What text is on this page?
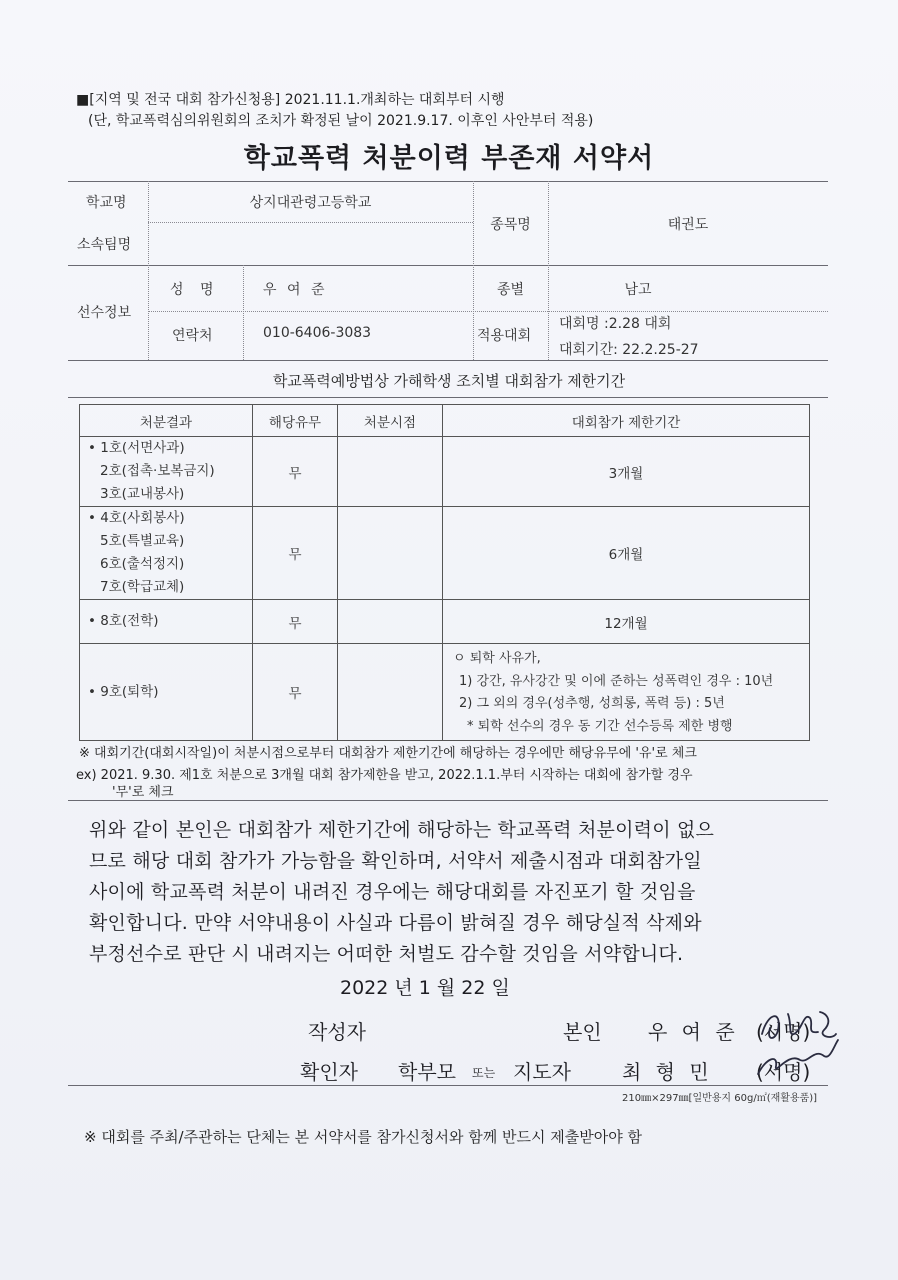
■[지역 및 전국 대회 참가신청용] 2021.11.1.개최하는 대회부터 시행
(단, 학교폭력심의위원회의 조치가 확정된 날이 2021.9.17. 이후인 사안부터 적용)
학교폭력 처분이력 부존재 서약서
학교명	상지대관령고등학교
소속팀명
종목명	태권도
선수정보
성 명	우 여 준	종별	남고
연락처	010-6406-3083	적용대회
대회명 :2.28 대회
대회기간: 22.2.25-27
학교폭력예방법상 가해학생 조치별 대회참가 제한기간
처분결과	해당유무	처분시점	대회참가 제한기간

• 1호(서면사과)
2호(접촉·보복금지)
3호(교내봉사)	무		3개월

• 4호(사회봉사)
5호(특별교육)
6호(출석정지)
7호(학급교체)	무		6개월

• 8호(전학)	무		12개월

• 9호(퇴학)	무		ㅇ 퇴학 사유가,
1) 강간, 유사강간 및 이에 준하는 성폭력인 경우 : 10년
2) 그 외의 경우(성추행, 성희롱, 폭력 등) : 5년
* 퇴학 선수의 경우 동 기간 선수등록 제한 병행
※ 대회기간(대회시작일)이 처분시점으로부터 대회참가 제한기간에 해당하는 경우에만 해당유무에 '유'로 체크
ex) 2021. 9.30. 제1호 처분으로 3개월 대회 참가제한을 받고, 2022.1.1.부터 시작하는 대회에 참가할 경우
'무'로 체크
위와 같이 본인은 대회참가 제한기간에 해당하는 학교폭력 처분이력이 없으
므로 해당 대회 참가가 가능함을 확인하며, 서약서 제출시점과 대회참가일
사이에 학교폭력 처분이 내려진 경우에는 해당대회를 자진포기 할 것임을
확인합니다. 만약 서약내용이 사실과 다름이 밝혀질 경우 해당실적 삭제와
부정선수로 판단 시 내려지는 어떠한 처벌도 감수할 것임을 서약합니다.
2022 년 1 월 22 일
작성자	본인 우 여 준 (서명)
확인자 학부모 또는 지도자	최 형 민 (서명)
210㎜×297㎜[일반용지 60g/㎡(재활용품)]
※ 대회를 주최/주관하는 단체는 본 서약서를 참가신청서와 함께 반드시 제출받아야 함
